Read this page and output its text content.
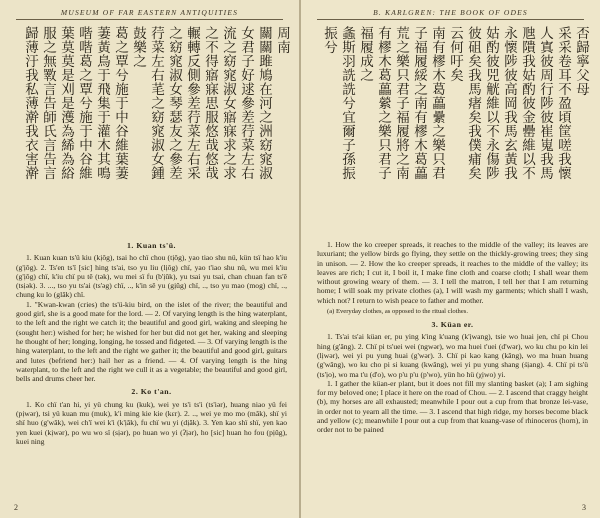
MUSEUM OF FAR EASTERN ANTIQUITIES
周南
關關雎鳩在河之洲窈窕淑
女君子好逑參差荇菜左右
流之窈窕淑女寤寐求之求
之不得寤寐思服悠哉悠哉
輾轉反側參差荇菜左右采
之窈窕淑女琴瑟友之參差
荇菜左右芼之窈窕淑女鍾
鼓樂之
葛之覃兮施于中谷維葉萋
萋黃鳥于飛集于灌木其鳴
喈喈葛之覃兮施于中谷維
葉莫莫是刈是濩為絺為綌
服之無斁言告師氏言告言
歸薄汙我私薄澣我衣害澣
1. Kuan ts'ü.

1. Kuan kuan ts'ü kiu (kịôg), tsai ho chï chou (tịôg), yao tiao shu nü, kün tsï hao k'iu (g'ịôg). 2. Ts'en ts'ï [sic] hing ts'ai, tso yu liu (lịôg) chï, yao t'iao shu nü, wu mei k'iu (g'ịôg) chï, k'iu chï pu tê (tək), wu mei sï fu (b'ịŭk), yu tsai yu tsai, chan chuan fan ts'ê (tsịək). 3. ..., tso yu ts'ai (ts'əg) chï, .., k'in sê yu (gịŭg) chï, .., tso yu mao (mog) chï, .., chung ku lo (glâk) chï.

1. "Kwan-kwan (cries) the ts'ü-kiu bird, on the islet of the river; the beautiful and good girl, she is a good mate for the lord. — 2. Of varying length is the hing waterplant, to the left and the right we catch it; the beautiful and good girl, waking and sleeping he (sought her:) wished for her; he wished for her but did not get her, waking and sleeping he thought of her; longing, longing, he tossed and fidgeted. — 3. Of varying length is the hing waterplant, to the left and the right we gather it; the beautiful and good girl, guitars and lutes (befriend her:) hail her as a friend. — 4. Of varying length is the hing waterplant, to the left and the right we cull it as a vegetable; the beautiful and good girl, bells and drums cheer her.

2. Ko t'an.

1. Ko chï t'an hi, yi yü chung ku (kuk), wei ye ts'i ts'i (ts'iər), huang niao yü fei (pịwər), tsi yü kuan mu (muk), k'i ming kie kie (kɛr). 2. .., wei ye mo mo (mâk), shï yi shï huo (g'wâk), wei ch'ï wei k'i (k'ịăk), fu chï wu yi (dịăk). 3. Yen kao shï shï, yen kao yen kuei (kịwər), po wu wo sï (sịər), po huan wo yi (ʔịər), ho [sic] huan ho fou (pịŭg), kuei ning

2
B. KARLGREN: THE BOOK OF ODES
否歸寧父母
采采卷耳不盈頃筐嗟我懷
人寘彼周行陟彼崔嵬我馬
虺隤我姑酌彼金罍維以不
永懷陟彼高岡我馬玄黃我
姑酌彼兕觥維以不永傷陟
彼砠矣我馬瘏矣我僕痡矣
云何吁矣
南有樛木葛藟纍之樂只君
子福履綏之南有樛木葛藟
荒之樂只君子福履將之南
有樛木葛藟縈之樂只君子
福履成之
螽斯羽詵詵兮宜爾子孫振
振兮

1. How the ko creeper spreads, it reaches to the middle of the valley; its leaves are luxuriant; the yellow birds go flying, they settle on the thickly-growing trees; they sing in unison. — 2. How the ko creeper spreads, it reaches to the middle of the valley; its leaves are rich; I cut it, I boil it, I make fine cloth and coarse cloth; I shall wear them without growing weary of them. — 3. I tell the matron, I tell her that I am returning home; I will soak my private clothes (a), I will wash my garments; which shall I wash, which not? I return to wish peace to father and mother.

(a) Everyday clothes, as opposed to the ritual clothes.
3. Küan er.

1. Ts'ai ts'ai küan er, pu ying k'ing k'uang (k'ịwang), tsie wo huai jen, chï pi Chou hing (g'âng). 2. Chï pi ts'uei wei (ngwər), wo ma huei t'uei (d'wər), wo ku chu po kin lei (lịwər), wei yi pu yung huai (g'wər). 3. Chï pi kao kang (kâng), wo ma huan huang (g'wâng), wo ku cho pi si kuang (kwâng), wei yi pu yung shang (śịang). 4. Chï pi ts'ü (ts'ịo), wo ma t'u (d'o), wo p'u p'u (p'wo), yün ho hü (χịwo) yi.

1. I gather the küan-er plant, but it does not fill my slanting basket (a); I am sighing for my beloved one; I place it here on the road of Chou. — 2. I ascend that craggy height (b), my horses are all exhausted; meanwhile I pour out a cup from that bronze lei-vase, in order not to yearn all the time. — 3. I ascend that high ridge, my horses become black and yellow (c); meanwhile I pour out a cup from that kuang-vase of rhinoceros (horn), in order not to be pained

3
